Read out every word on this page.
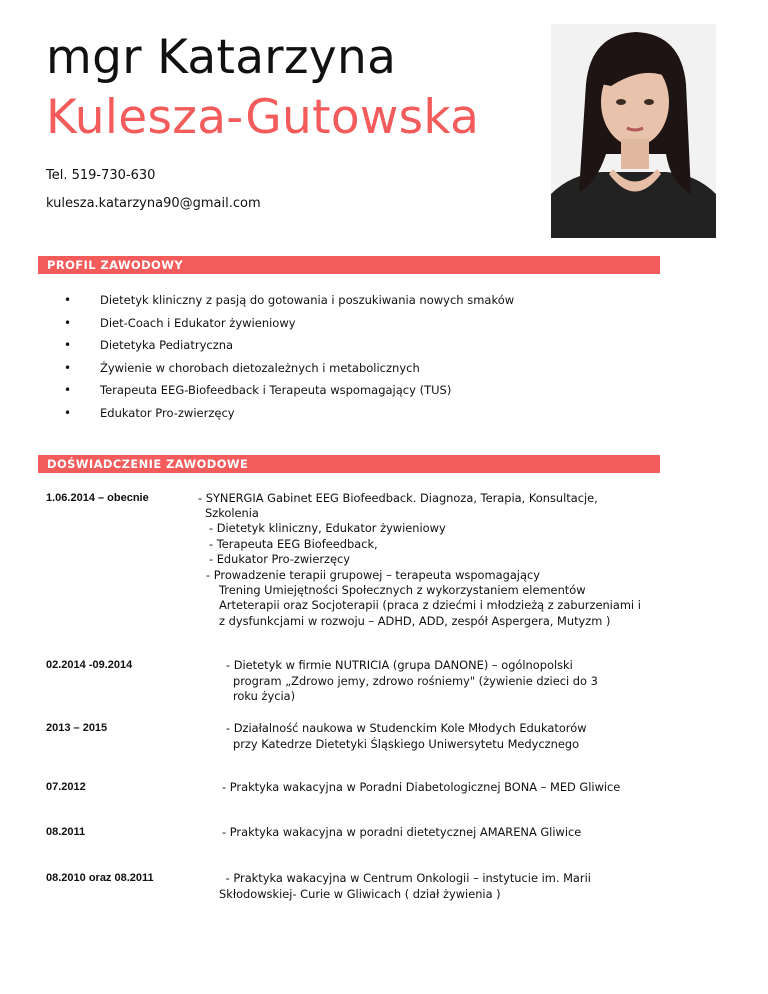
mgr Katarzyna
Kulesza-Gutowska
Tel. 519-730-630
kulesza.katarzyna90@gmail.com
PROFIL ZAWODOWY
•	Dietetyk kliniczny z pasją do gotowania i poszukiwania nowych smaków
•	Diet-Coach i Edukator żywieniowy
•	Dietetyka Pediatryczna
•	Żywienie w chorobach dietozależnych i metabolicznych
•	Terapeuta EEG-Biofeedback i Terapeuta wspomagający (TUS)
•	Edukator Pro-zwierzęcy
DOŚWIADCZENIE ZAWODOWE
1.06.2014 – obecnie	- SYNERGIA Gabinet EEG Biofeedback. Diagnoza, Terapia, Konsultacje,
Szkolenia
- Dietetyk kliniczny, Edukator żywieniowy
- Terapeuta EEG Biofeedback,
- Edukator Pro-zwierzęcy
- Prowadzenie terapii grupowej – terapeuta wspomagający
Trening Umiejętności Społecznych z wykorzystaniem elementów
Arteterapii oraz Socjoterapii (praca z dziećmi i młodzieżą z zaburzeniami i
z dysfunkcjami w rozwoju – ADHD, ADD, zespół Aspergera, Mutyzm )
02.2014 -09.2014	- Dietetyk w firmie NUTRICIA (grupa DANONE) – ogólnopolski
program „Zdrowo jemy, zdrowo rośniemy" (żywienie dzieci do 3
roku życia)
2013 – 2015	- Działalność naukowa w Studenckim Kole Młodych Edukatorów
przy Katedrze Dietetyki Śląskiego Uniwersytetu Medycznego
07.2012	- Praktyka wakacyjna w Poradni Diabetologicznej BONA – MED Gliwice
08.2011	- Praktyka wakacyjna w poradni dietetycznej AMARENA Gliwice
08.2010 oraz 08.2011	- Praktyka wakacyjna w Centrum Onkologii – instytucie im. Marii
Skłodowskiej- Curie w Gliwicach ( dział żywienia )
